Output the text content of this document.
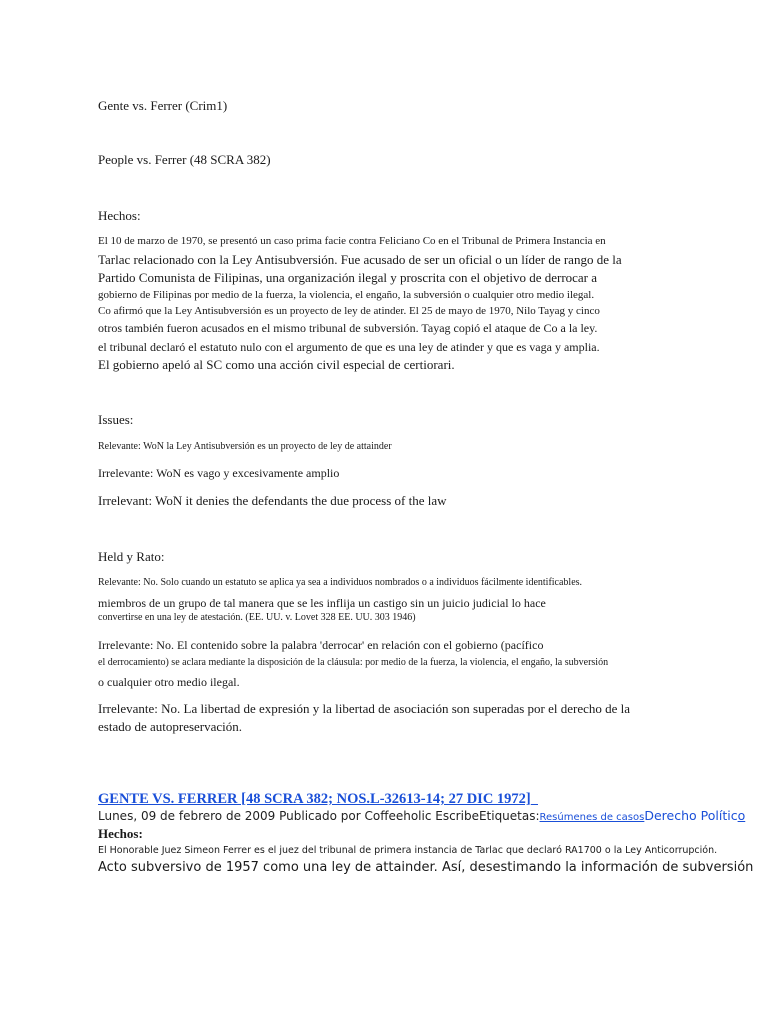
Gente vs. Ferrer (Crim1)

People vs. Ferrer (48 SCRA 382)

Hechos:

El 10 de marzo de 1970, se presentó un caso prima facie contra Feliciano Co en el Tribunal de Primera Instancia en

Tarlac relacionado con la Ley Antisubversión. Fue acusado de ser un oficial o un líder de rango de la

Partido Comunista de Filipinas, una organización ilegal y proscrita con el objetivo de derrocar a

gobierno de Filipinas por medio de la fuerza, la violencia, el engaño, la subversión o cualquier otro medio ilegal.

Co afirmó que la Ley Antisubversión es un proyecto de ley de atinder. El 25 de mayo de 1970, Nilo Tayag y cinco

otros también fueron acusados en el mismo tribunal de subversión. Tayag copió el ataque de Co a la ley.

el tribunal declaró el estatuto nulo con el argumento de que es una ley de atinder y que es vaga y amplia.

El gobierno apeló al SC como una acción civil especial de certiorari.

Issues:

Relevante: WoN la Ley Antisubversión es un proyecto de ley de attainder

Irrelevante: WoN es vago y excesivamente amplio

Irrelevant: WoN it denies the defendants the due process of the law

Held y Rato:

Relevante: No. Solo cuando un estatuto se aplica ya sea a individuos nombrados o a individuos fácilmente identificables.

miembros de un grupo de tal manera que se les inflija un castigo sin un juicio judicial lo hace

convertirse en una ley de atestación. (EE. UU. v. Lovet 328 EE. UU. 303 1946)

Irrelevante: No. El contenido sobre la palabra 'derrocar' en relación con el gobierno (pacífico

el derrocamiento) se aclara mediante la disposición de la cláusula: por medio de la fuerza, la violencia, el engaño, la subversión

o cualquier otro medio ilegal.

Irrelevante: No. La libertad de expresión y la libertad de asociación son superadas por el derecho de la

estado de autopreservación.

GENTE VS. FERRER [48 SCRA 382; NOS.L-32613-14; 27 DIC 1972]

Lunes, 09 de febrero de 2009 Publicado por Coffeeholic EscribeEtiquetas:Resúmenes de casosDerecho Político

Hechos:

El Honorable Juez Simeon Ferrer es el juez del tribunal de primera instancia de Tarlac que declaró RA1700 o la Ley Anticorrupción.

Acto subversivo de 1957 como una ley de attainder. Así, desestimando la información de subversión
